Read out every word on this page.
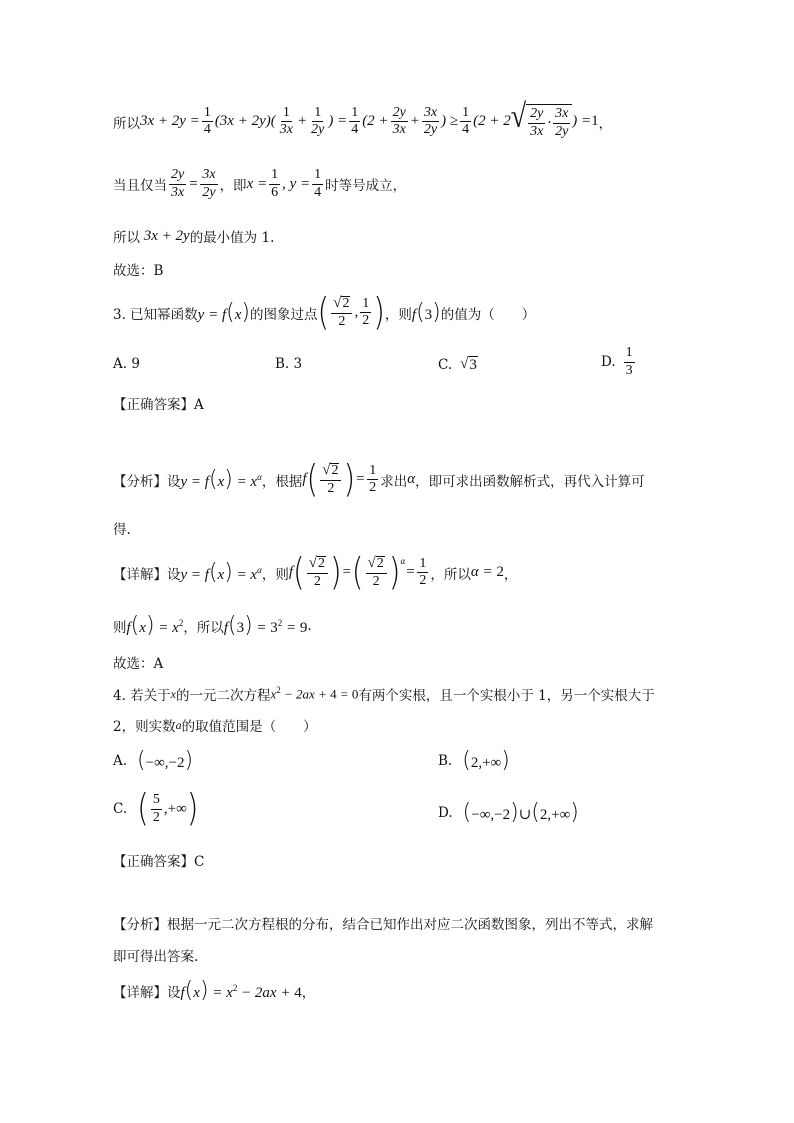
所以 $3x + 2y = \frac{1}{4} (3x + 2y)( \frac{1}{3x} + \frac{1}{2y}$ ) = $\frac{1}{4} (2 + \frac{2y}{3x} + \frac{3x}{2y}$ ) ≥ $\frac{1}{4} (2 + 2$ √ $\frac{2y}{3x} \cdot \frac{3x}{2y}$ ) = 1 ，
当且仅当 $\frac{2y}{3x} = \frac{3x}{2y}$ ，即 $x = \frac{1}{6}$ , $y = \frac{1}{4}$ 时等号成立，
所以 3x + 2y 的最小值为 1.
故选：B
3. 已知幂函数 y = f(x) 的图象过点 ( $\frac{√ 2}{2}$ , $\frac{1}{2}$ ) ，则 f(3) 的值为（　　）
A. 9	B. 3	C. √ 3	D. $\frac{1}{3}$
【正确答案】A
【分析】 设 $y = f(x) = x^\alpha$ ，根据 f ( $\frac{√ 2}{2}$ ) = $\frac{1}{2}$ 求出 α ，即可求出函数解析式，再代入计算可
得.
【详解】 设 $y = f(x) = x^\alpha$ ，则 f ( $\frac{√ 2}{2}$ ) = ( $\frac{√ 2}{2} )^\alpha$
= $\frac{1}{2}$ ，所以 α = 2 ，
则 $f(x) = x^2$ ，所以 $f(3) = 3^2 = 9$ .
故选：A
4. 若关于 x 的一元二次方程 $x^2 - 2ax + 4 = 0$ 有两个实根，且一个实根小于 1，另一个实根大于
2，则实数 a 的取值范围是（　　）
A. (−∞,−2)	B. (2,+∞)
C. ( $\frac{5}{2}$ ,+∞ )	D. (−∞,−2)∪(2,+∞)
【正确答案】C
【分析】 根据一元二次方程根的分布，结合已知作出对应二次函数图象，列出不等式，求解
即可得出答案.
【详解】 设 $f(x) = x^2 - 2ax + 4$ ，
